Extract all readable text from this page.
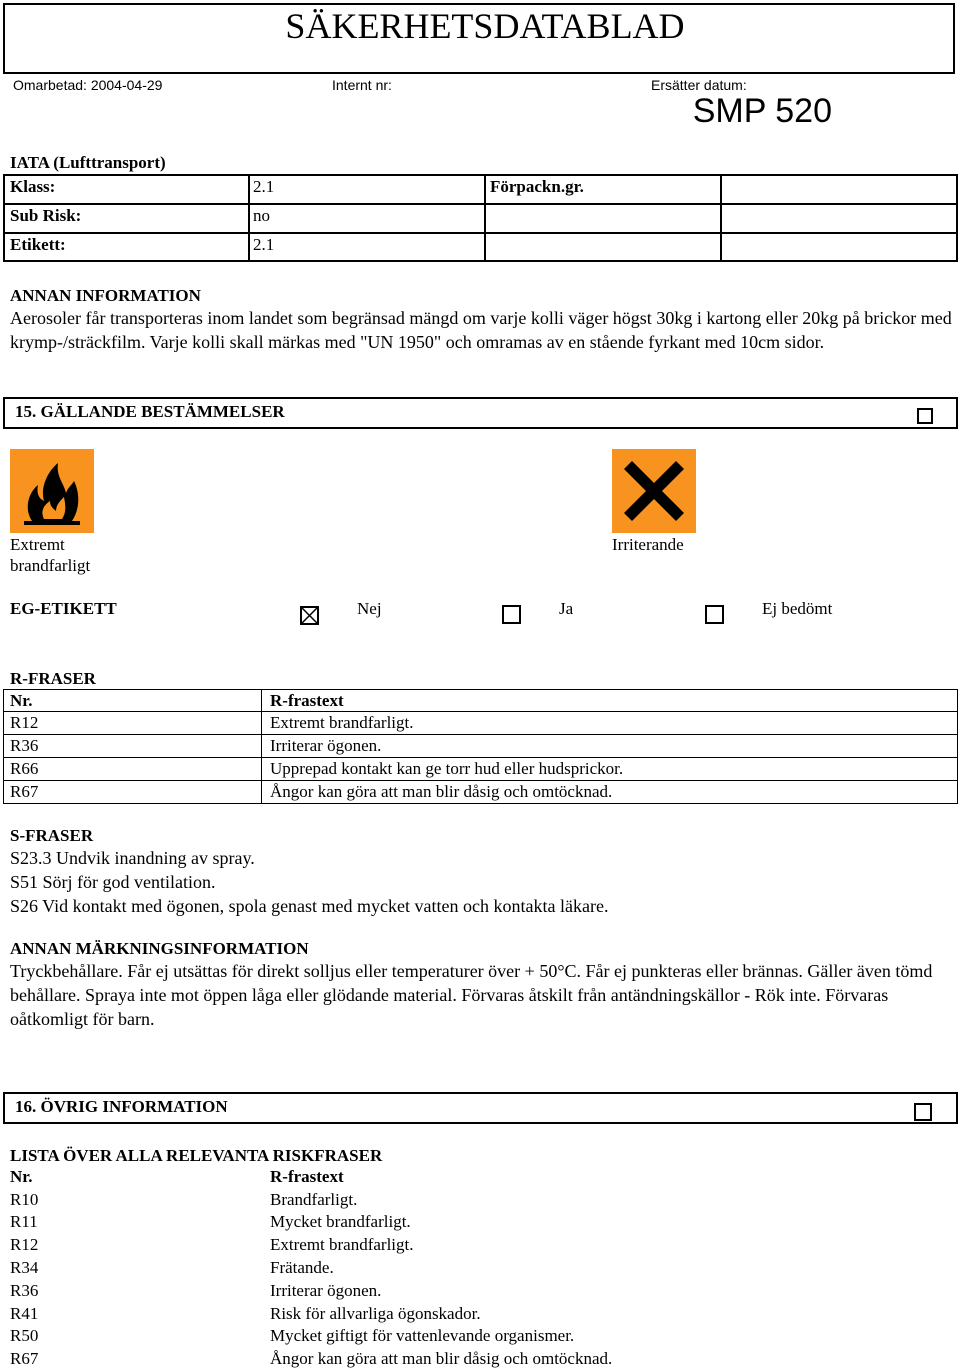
SÄKERHETSDATABLAD
Omarbetad: 2004-04-29	Internt nr:	Ersätter datum:
SMP 520
IATA (Lufttransport)
Klass:	2.1	Förpackn.gr.
Sub Risk:	no
Etikett:	2.1
ANNAN INFORMATION
Aerosoler får transporteras inom landet som begränsad mängd om varje kolli väger högst 30kg i kartong eller 20kg på brickor med krymp-/sträckfilm. Varje kolli skall märkas med "UN 1950" och omramas av en stående fyrkant med 10cm sidor.
15. GÄLLANDE BESTÄMMELSER
Extremt brandfarligt
Irriterande
EG-ETIKETT	Nej	Ja	Ej bedömt
R-FRASER
Nr.	R-frastext
R12	Extremt brandfarligt.
R36	Irriterar ögonen.
R66	Upprepad kontakt kan ge torr hud eller hudsprickor.
R67	Ångor kan göra att man blir dåsig och omtöcknad.
S-FRASER
S23.3 Undvik inandning av spray.
S51 Sörj för god ventilation.
S26 Vid kontakt med ögonen, spola genast med mycket vatten och kontakta läkare.
ANNAN MÄRKNINGSINFORMATION
Tryckbehållare. Får ej utsättas för direkt solljus eller temperaturer över + 50°C. Får ej punkteras eller brännas. Gäller även tömd behållare. Spraya inte mot öppen låga eller glödande material. Förvaras åtskilt från antändningskällor - Rök inte. Förvaras oåtkomligt för barn.
16. ÖVRIG INFORMATION
LISTA ÖVER ALLA RELEVANTA RISKFRASER
Nr.	R-frastext
R10	Brandfarligt.
R11	Mycket brandfarligt.
R12	Extremt brandfarligt.
R34	Frätande.
R36	Irriterar ögonen.
R41	Risk för allvarliga ögonskador.
R50	Mycket giftigt för vattenlevande organismer.
R67	Ångor kan göra att man blir dåsig och omtöcknad.
